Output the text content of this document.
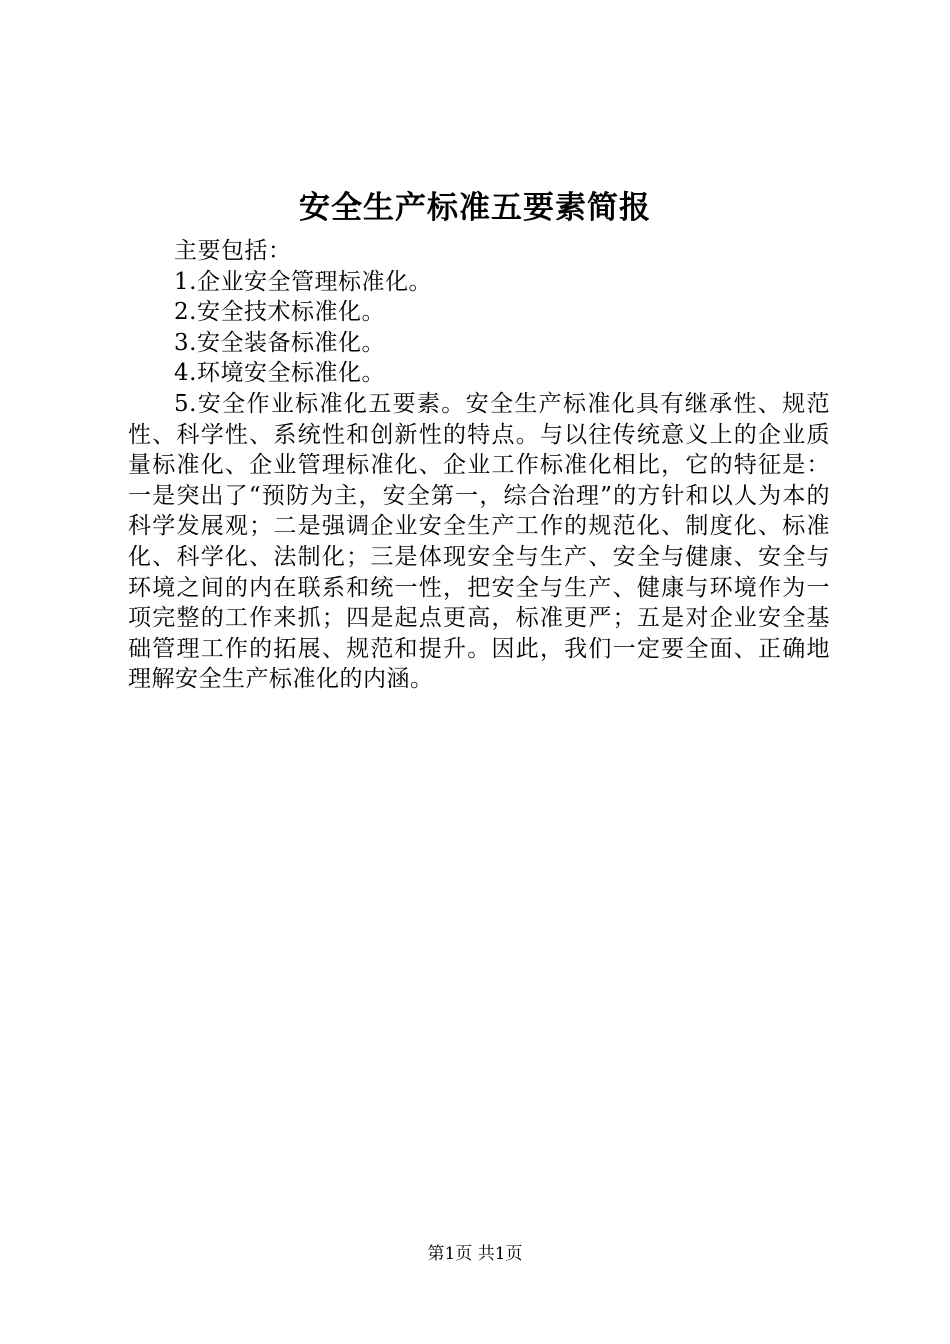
安全生产标准五要素简报

主要包括：

1.企业安全管理标准化。

2.安全技术标准化。

3.安全装备标准化。

4.环境安全标准化。

5.安全作业标准化五要素。安全生产标准化具有继承性、规范性、科学性、系统性和创新性的特点。与以往传统意义上的企业质量标准化、企业管理标准化、企业工作标准化相比，它的特征是：一是突出了“预防为主，安全第一，综合治理”的方针和以人为本的科学发展观；二是强调企业安全生产工作的规范化、制度化、标准化、科学化、法制化；三是体现安全与生产、安全与健康、安全与环境之间的内在联系和统一性，把安全与生产、健康与环境作为一项完整的工作来抓；四是起点更高，标准更严；五是对企业安全基础管理工作的拓展、规范和提升。因此，我们一定要全面、正确地理解安全生产标准化的内涵。

第1页 共1页
